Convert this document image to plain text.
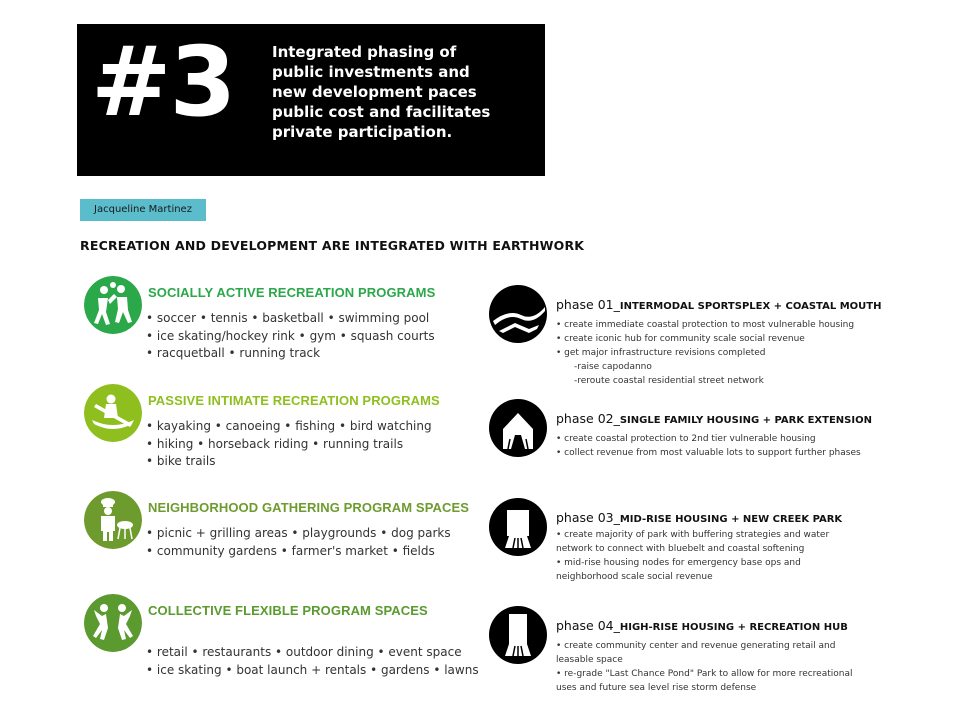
#3	Integrated phasing of
public investments and
new development paces
public cost and facilitates
private participation.
Jacqueline Martinez
RECREATION AND DEVELOPMENT ARE INTEGRATED WITH EARTHWORK
SOCIALLY ACTIVE RECREATION PROGRAMS
• soccer • tennis • basketball • swimming pool
• ice skating/hockey rink • gym • squash courts
• racquetball • running track
PASSIVE INTIMATE RECREATION PROGRAMS
• kayaking • canoeing • fishing • bird watching
• hiking • horseback riding • running trails
• bike trails
NEIGHBORHOOD GATHERING PROGRAM SPACES
• picnic + grilling areas • playgrounds • dog parks
• community gardens • farmer's market • fields
COLLECTIVE FLEXIBLE PROGRAM SPACES
• retail • restaurants • outdoor dining • event space
• ice skating • boat launch + rentals • gardens • lawns
phase 01_INTERMODAL SPORTSPLEX + COASTAL MOUTH
• create immediate coastal protection to most vulnerable housing
• create iconic hub for community scale social revenue
• get major infrastructure revisions completed
-raise capodanno
-reroute coastal residential street network
phase 02_SINGLE FAMILY HOUSING + PARK EXTENSION
• create coastal protection to 2nd tier vulnerable housing
• collect revenue from most valuable lots to support further phases
phase 03_MID-RISE HOUSING + NEW CREEK PARK
• create majority of park with buffering strategies and water
network to connect with bluebelt and coastal softening
• mid-rise housing nodes for emergency base ops and
neighborhood scale social revenue
phase 04_HIGH-RISE HOUSING + RECREATION HUB
• create community center and revenue generating retail and
leasable space
• re-grade "Last Chance Pond" Park to allow for more recreational
uses and future sea level rise storm defense
